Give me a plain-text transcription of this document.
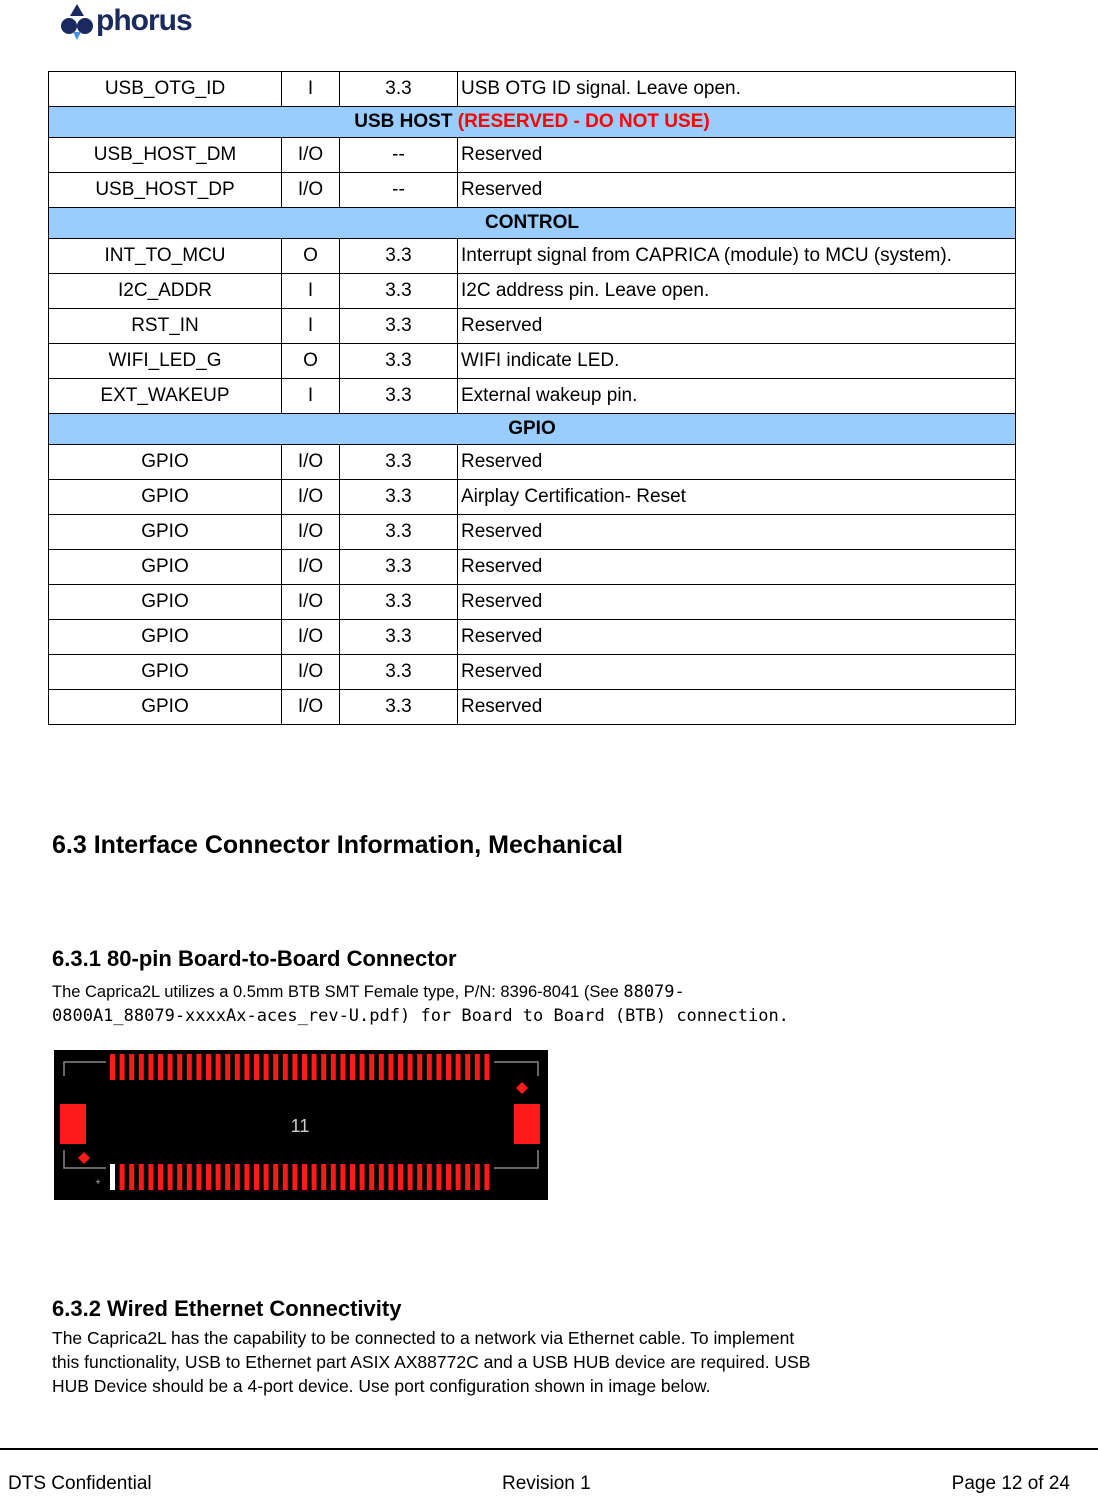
phorus
USB_OTG_ID	I	3.3	USB OTG ID signal. Leave open.
USB HOST (RESERVED - DO NOT USE)			
USB_HOST_DM	I/O	--	Reserved
USB_HOST_DP	I/O	--	Reserved
CONTROL			
INT_TO_MCU	O	3.3	Interrupt signal from CAPRICA (module) to MCU (system).
I2C_ADDR	I	3.3	I2C address pin. Leave open.
RST_IN	I	3.3	Reserved
WIFI_LED_G	O	3.3	WIFI indicate LED.
EXT_WAKEUP	I	3.3	External wakeup pin.
GPIO			
GPIO	I/O	3.3	Reserved
GPIO	I/O	3.3	Airplay Certification- Reset
GPIO	I/O	3.3	Reserved
GPIO	I/O	3.3	Reserved
GPIO	I/O	3.3	Reserved
GPIO	I/O	3.3	Reserved
GPIO	I/O	3.3	Reserved
GPIO	I/O	3.3	Reserved
6.3 Interface Connector Information, Mechanical
6.3.1 80-pin Board-to-Board Connector
The Caprica2L utilizes a 0.5mm BTB SMT Female type, P/N: 8396-8041 (See 88079-
0800A1_88079-xxxxAx-aces_rev-U.pdf) for Board to Board (BTB) connection.
11
+
6.3.2 Wired Ethernet Connectivity
The Caprica2L has the capability to be connected to a network via Ethernet cable. To implement
this functionality, USB to Ethernet part ASIX AX88772C and a USB HUB device are required. USB
HUB Device should be a 4-port device. Use port configuration shown in image below.
DTS Confidential	Revision 1	Page 12 of 24
